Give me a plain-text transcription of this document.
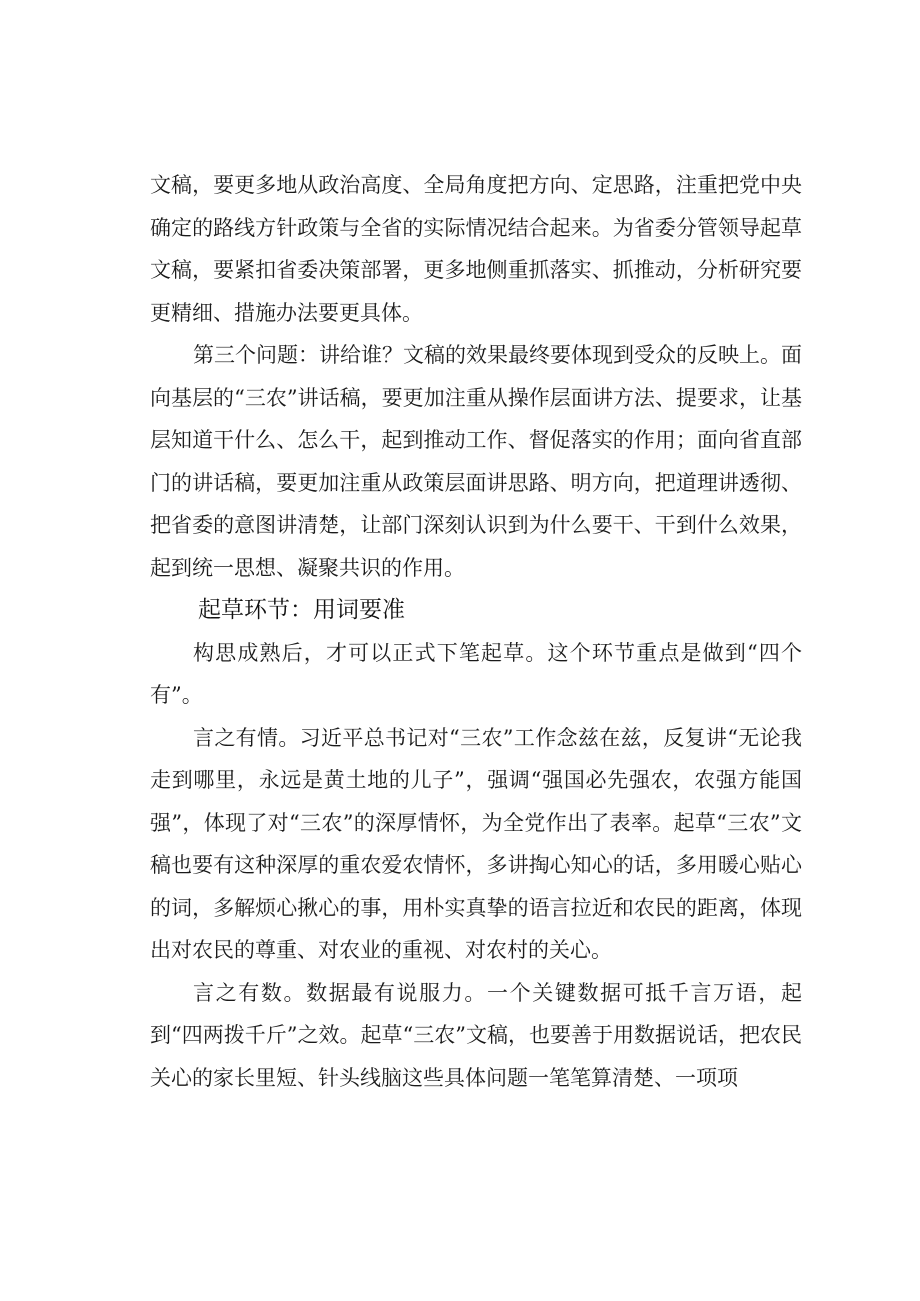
文稿，要更多地从政治高度、全局角度把方向、定思路，注重把党中央确定的路线方针政策与全省的实际情况结合起来。为省委分管领导起草文稿，要紧扣省委决策部署，更多地侧重抓落实、抓推动，分析研究要更精细、措施办法要更具体。

第三个问题：讲给谁？文稿的效果最终要体现到受众的反映上。面向基层的“三农”讲话稿，要更加注重从操作层面讲方法、提要求，让基层知道干什么、怎么干，起到推动工作、督促落实的作用；面向省直部门的讲话稿，要更加注重从政策层面讲思路、明方向，把道理讲透彻、把省委的意图讲清楚，让部门深刻认识到为什么要干、干到什么效果，起到统一思想、凝聚共识的作用。

起草环节：用词要准

构思成熟后，才可以正式下笔起草。这个环节重点是做到“四个有”。

言之有情。习近平总书记对“三农”工作念兹在兹，反复讲“无论我走到哪里，永远是黄土地的儿子”，强调“强国必先强农，农强方能国强”，体现了对“三农”的深厚情怀，为全党作出了表率。起草“三农”文稿也要有这种深厚的重农爱农情怀，多讲掏心知心的话，多用暖心贴心的词，多解烦心揪心的事，用朴实真挚的语言拉近和农民的距离，体现出对农民的尊重、对农业的重视、对农村的关心。

言之有数。数据最有说服力。一个关键数据可抵千言万语，起到“四两拨千斤”之效。起草“三农”文稿，也要善于用数据说话，把农民关心的家长里短、针头线脑这些具体问题一笔笔算清楚、一项项
